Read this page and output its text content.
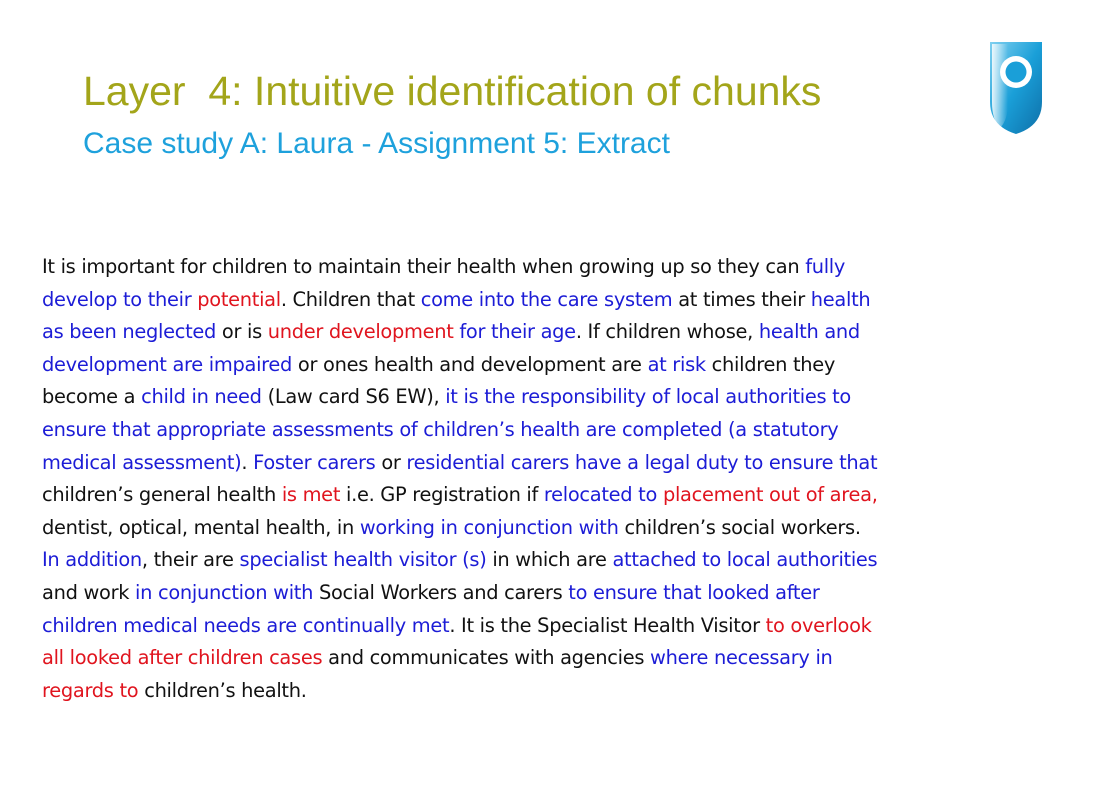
Layer  4: Intuitive identification of chunks
Case study A: Laura - Assignment 5: Extract
It is important for children to maintain their health when growing up so they can fully
develop to their potential. Children that come into the care system at times their health
as been neglected or is under development for their age. If children whose, health and
development are impaired or ones health and development are at risk children they
become a child in need (Law card S6 EW), it is the responsibility of local authorities to
ensure that appropriate assessments of children’s health are completed (a statutory
medical assessment). Foster carers or residential carers have a legal duty to ensure that
children’s general health is met i.e. GP registration if relocated to placement out of area,
dentist, optical, mental health, in working in conjunction with children’s social workers.
In addition, their are specialist health visitor (s) in which are attached to local authorities
and work in conjunction with Social Workers and carers to ensure that looked after
children medical needs are continually met. It is the Specialist Health Visitor to overlook
all looked after children cases and communicates with agencies where necessary in
regards to children’s health.
